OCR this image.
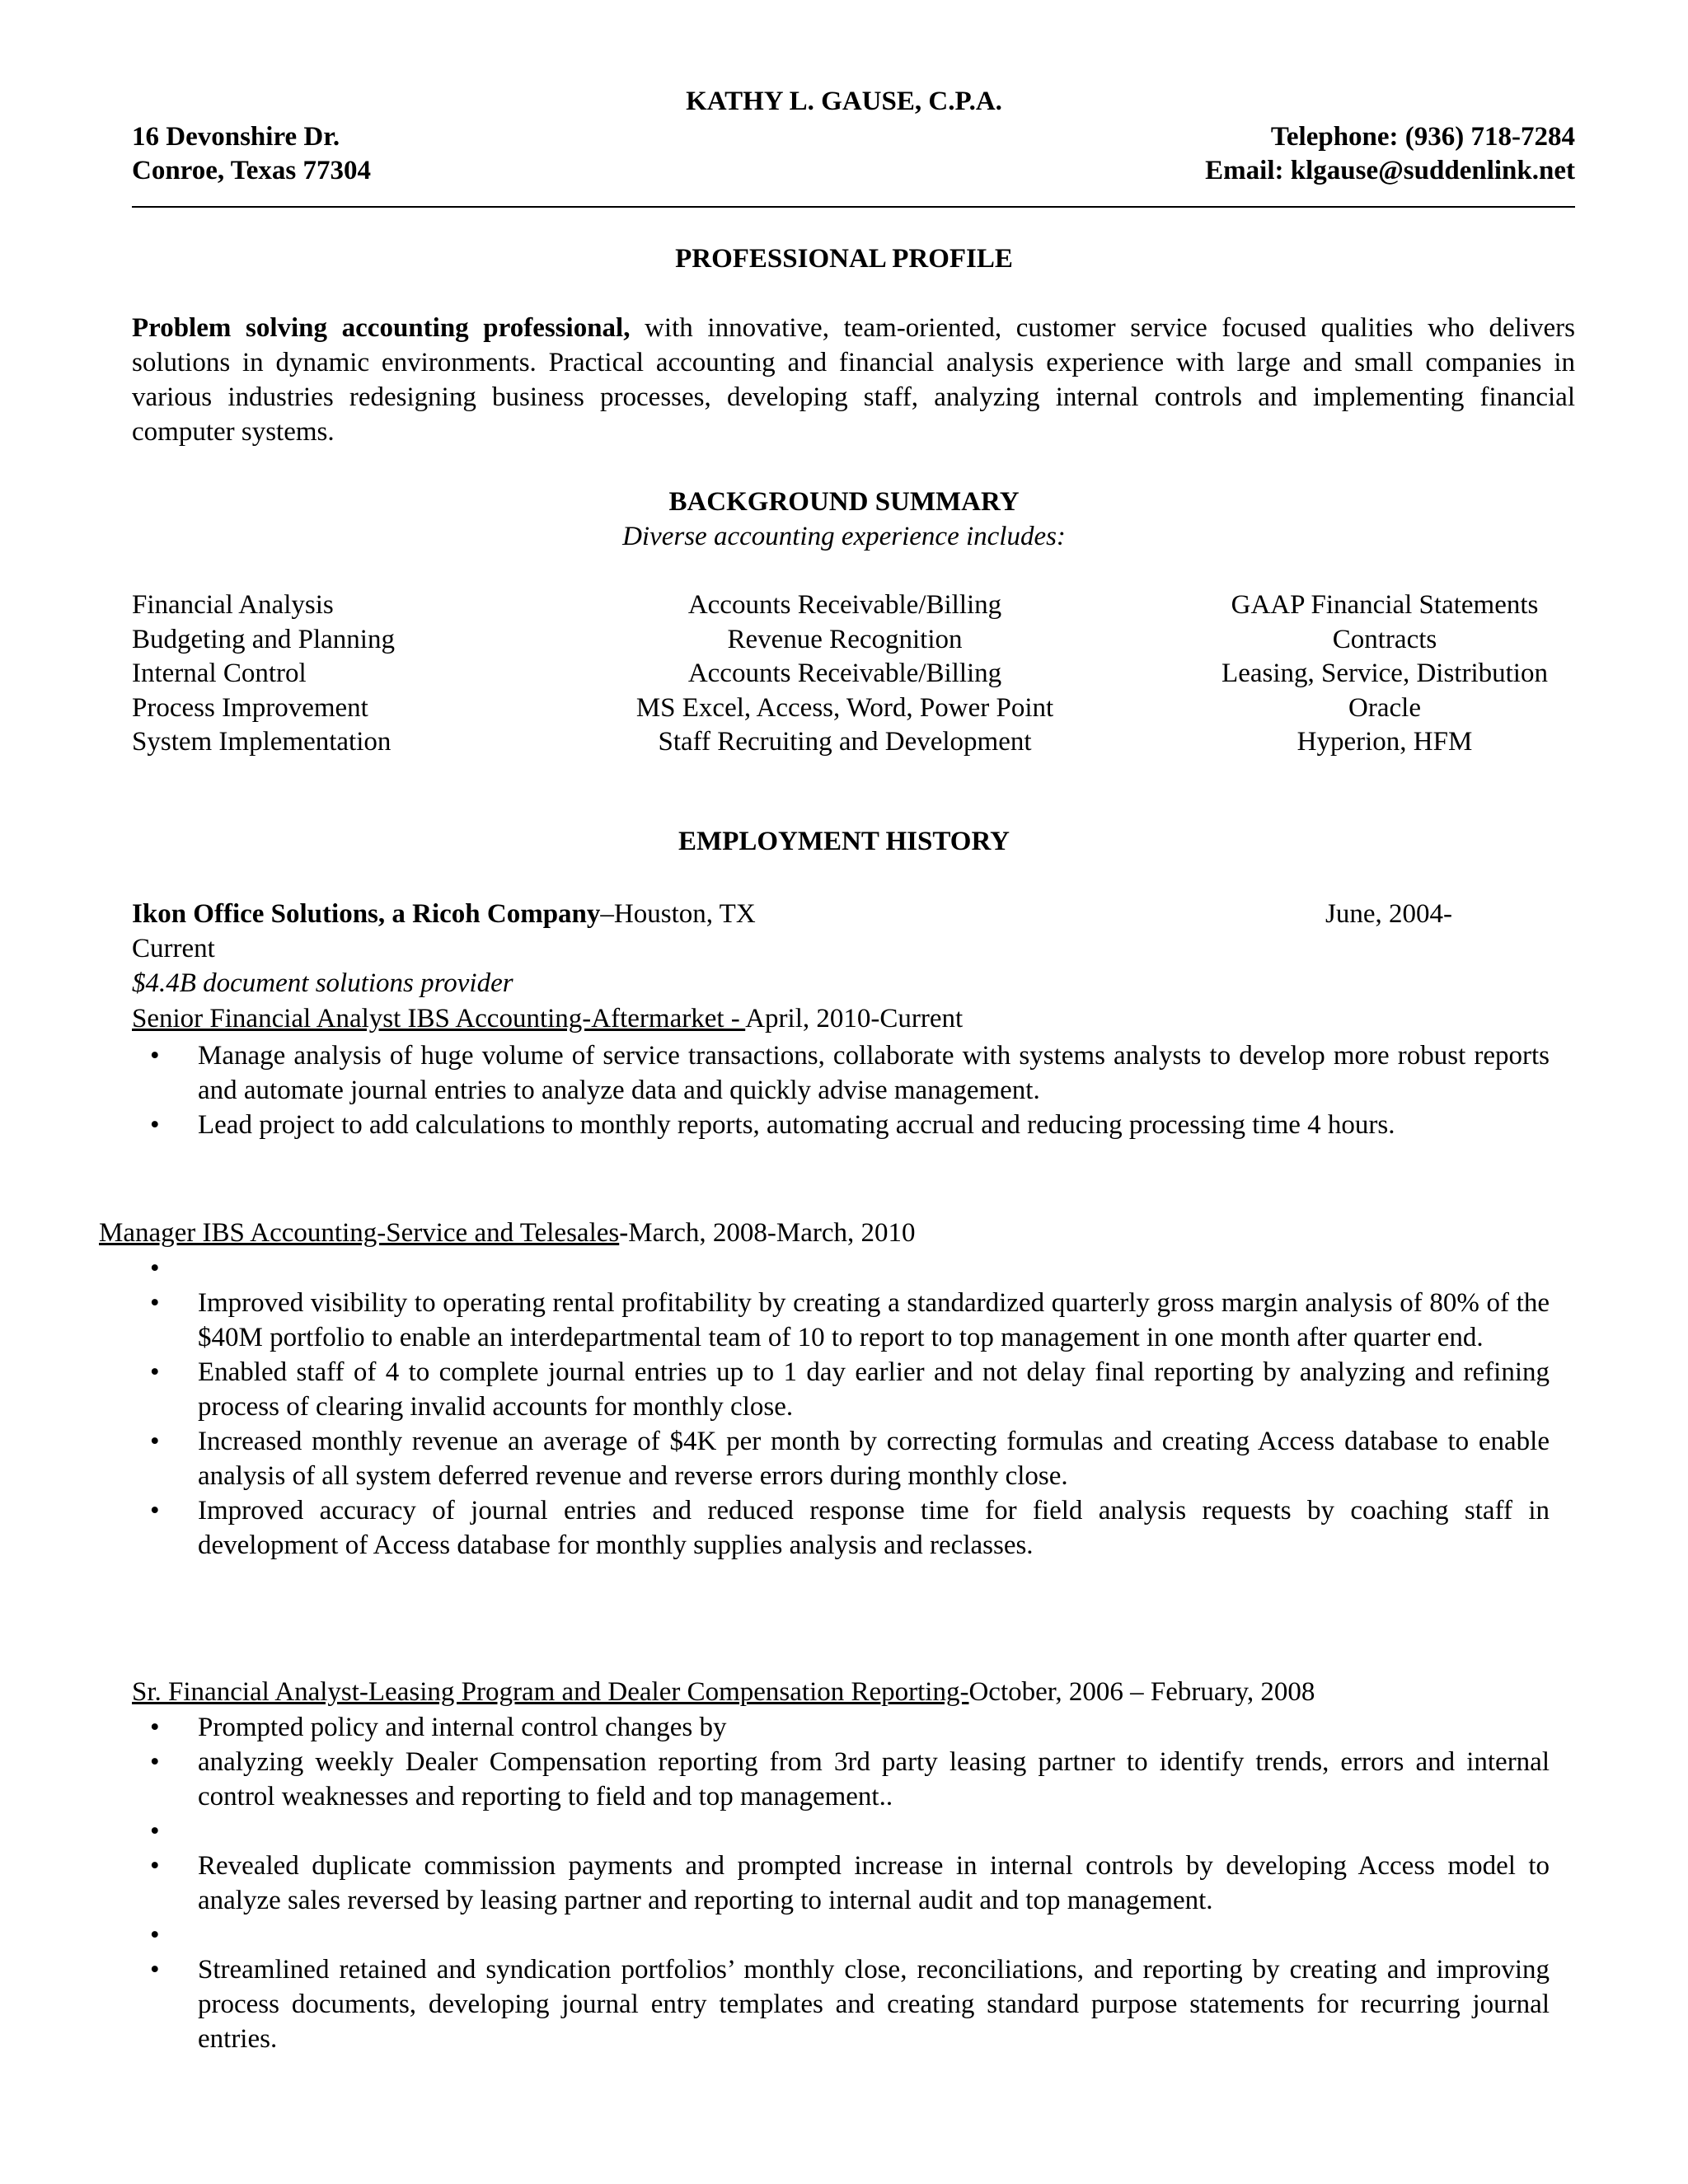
KATHY L. GAUSE, C.P.A.
16 Devonshire Dr.
Conroe, Texas 77304
Telephone: (936) 718-7284
Email: klgause@suddenlink.net
PROFESSIONAL PROFILE
Problem solving accounting professional, with innovative, team-oriented, customer service focused qualities who delivers solutions in dynamic environments. Practical accounting and financial analysis experience with large and small companies in various industries redesigning business processes, developing staff, analyzing internal controls and implementing financial computer systems.
BACKGROUND SUMMARY
Diverse accounting experience includes:
Financial Analysis
Budgeting and Planning
Internal Control
Process Improvement
System Implementation
Accounts Receivable/Billing
Revenue Recognition
Accounts Receivable/Billing
MS Excel, Access, Word, Power Point
Staff Recruiting and Development
GAAP Financial Statements
Contracts
Leasing, Service, Distribution
Oracle
Hyperion, HFM
EMPLOYMENT HISTORY
Ikon Office Solutions, a Ricoh Company–Houston, TX	June, 2004-
Current
$4.4B document solutions provider
Senior Financial Analyst IBS Accounting-Aftermarket - April, 2010-Current
• Manage analysis of huge volume of service transactions, collaborate with systems analysts to develop more robust reports and automate journal entries to analyze data and quickly advise management.
• Lead project to add calculations to monthly reports, automating accrual and reducing processing time 4 hours.
Manager IBS Accounting-Service and Telesales-March, 2008-March, 2010
•
• Improved visibility to operating rental profitability by creating a standardized quarterly gross margin analysis of 80% of the $40M portfolio to enable an interdepartmental team of 10 to report to top management in one month after quarter end.
• Enabled staff of 4 to complete journal entries up to 1 day earlier and not delay final reporting by analyzing and refining process of clearing invalid accounts for monthly close.
• Increased monthly revenue an average of $4K per month by correcting formulas and creating Access database to enable analysis of all system deferred revenue and reverse errors during monthly close.
• Improved accuracy of journal entries and reduced response time for field analysis requests by coaching staff in development of Access database for monthly supplies analysis and reclasses.
Sr. Financial Analyst-Leasing Program and Dealer Compensation Reporting-October, 2006 – February, 2008
• Prompted policy and internal control changes by
• analyzing weekly Dealer Compensation reporting from 3rd party leasing partner to identify trends, errors and internal control weaknesses and reporting to field and top management..
•
• Revealed duplicate commission payments and prompted increase in internal controls by developing Access model to analyze sales reversed by leasing partner and reporting to internal audit and top management.
•
• Streamlined retained and syndication portfolios’ monthly close, reconciliations, and reporting by creating and improving process documents, developing journal entry templates and creating standard purpose statements for recurring journal entries.
